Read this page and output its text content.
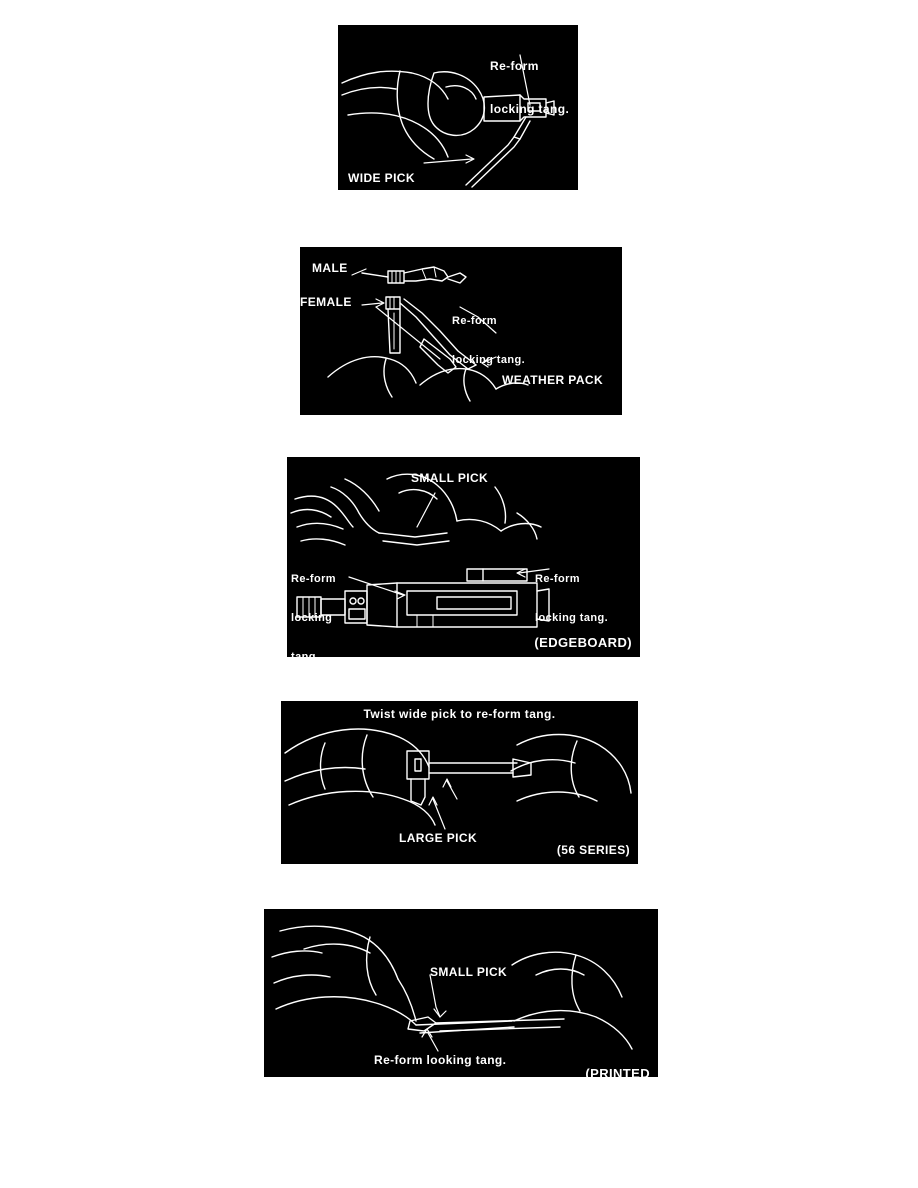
Re-form

locking tang.

WIDE PICK
MALE
FEMALE

Re-form

locking tang.

WEATHER PACK

REMOVEL TOOL

SMALL PICK

Re-form

locking

tang.

Re-form

locking tang.

(EDGEBOARD)
Twist wide pick to re-form tang.
LARGE PICK
(56 SERIES)
SMALL PICK
Re-form looking tang.

(PRINTED

CIRCUIT, 80W)
